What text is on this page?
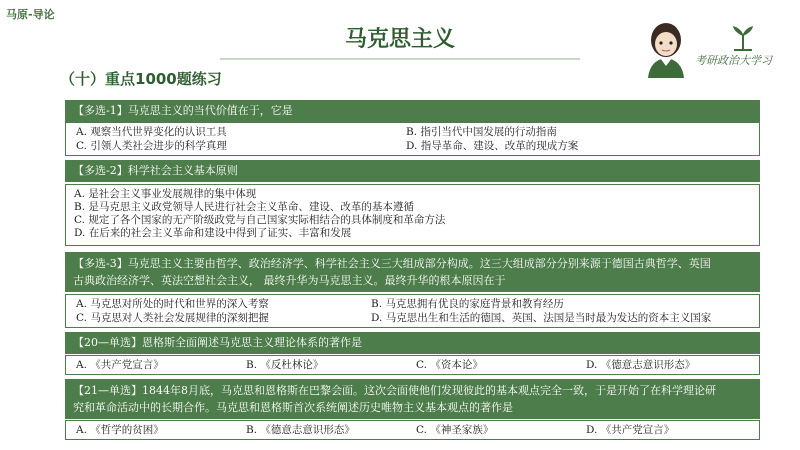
马原-导论
马克思主义
考研政治大学习
（十）重点1000题练习
【多选-1】马克思主义的当代价值在于，它是
A. 观察当代世界变化的认识工具	B. 指引当代中国发展的行动指南
C. 引领人类社会进步的科学真理	D. 指导革命、建设、改革的现成方案
【多选-2】科学社会主义基本原则
A. 是社会主义事业发展规律的集中体现
B. 是马克思主义政党领导人民进行社会主义革命、建设、改革的基本遵循
C. 规定了各个国家的无产阶级政党与自己国家实际相结合的具体制度和革命方法
D. 在后来的社会主义革命和建设中得到了证实、丰富和发展
【多选-3】马克思主义主要由哲学、政治经济学、科学社会主义三大组成部分构成。这三大组成部分分别来源于德国古典哲学、英国
古典政治经济学、英法空想社会主义， 最终升华为马克思主义。最终升华的根本原因在于
A. 马克思对所处的时代和世界的深入考察	B. 马克思拥有优良的家庭背景和教育经历
C. 马克思对人类社会发展规律的深刻把握	D. 马克思出生和生活的德国、英国、法国是当时最为发达的资本主义国家
【20—单选】恩格斯全面阐述马克思主义理论体系的著作是
A. 《共产党宣言》	B. 《反杜林论》	C. 《资本论》	D. 《德意志意识形态》
【21—单选】1844年8月底，马克思和恩格斯在巴黎会面。这次会面使他们发现彼此的基本观点完全一致，于是开始了在科学理论研
究和革命活动中的长期合作。马克思和恩格斯首次系统阐述历史唯物主义基本观点的著作是
A. 《哲学的贫困》	B. 《德意志意识形态》	C. 《神圣家族》	D. 《共产党宣言》
